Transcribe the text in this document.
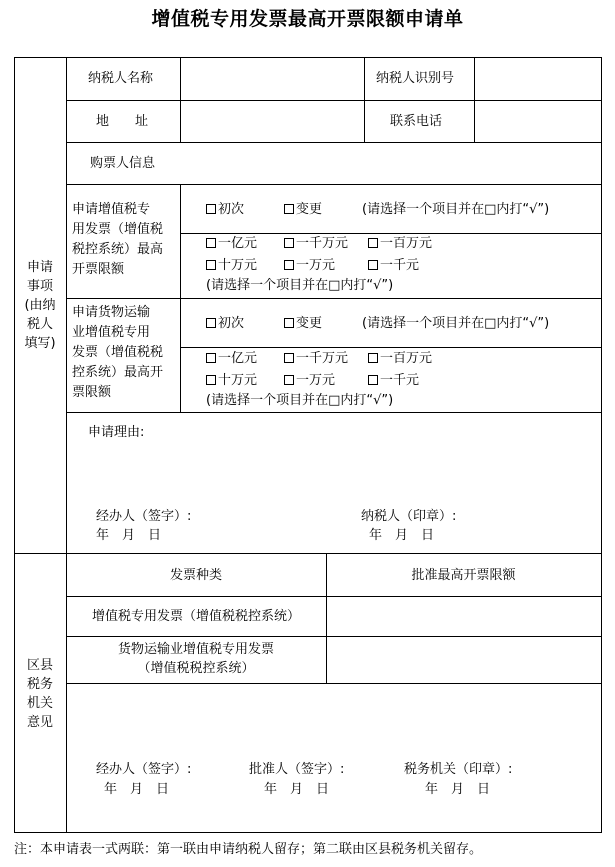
增值税专用发票最高开票限额申请单
申请
事项
(由纳
税人
填写)
区县
税务
机关
意见
纳税人名称	纳税人识别号
地　　址	联系电话
购票人信息
申请增值税专
用发票（增值税
税控系统）最高
开票限额
初次	变更	(请选择一个项目并在□内打“√”)
一亿元	一千万元	一百万元
十万元	一万元	一千元
(请选择一个项目并在□内打“√”)
申请货物运输
业增值税专用
发票（增值税税
控系统）最高开
票限额
初次	变更	(请选择一个项目并在□内打“√”)
一亿元	一千万元	一百万元
十万元	一万元	一千元
(请选择一个项目并在□内打“√”)
申请理由:
经办人（签字）:	纳税人（印章）:
年　月　日	年　月　日
发票种类	批准最高开票限额
增值税专用发票（增值税税控系统）
货物运输业增值税专用发票
（增值税税控系统）
经办人（签字）:	批准人（签字）:	税务机关（印章）:
年　月　日	年　月　日	年　月　日
注：本申请表一式两联：第一联由申请纳税人留存；第二联由区县税务机关留存。
